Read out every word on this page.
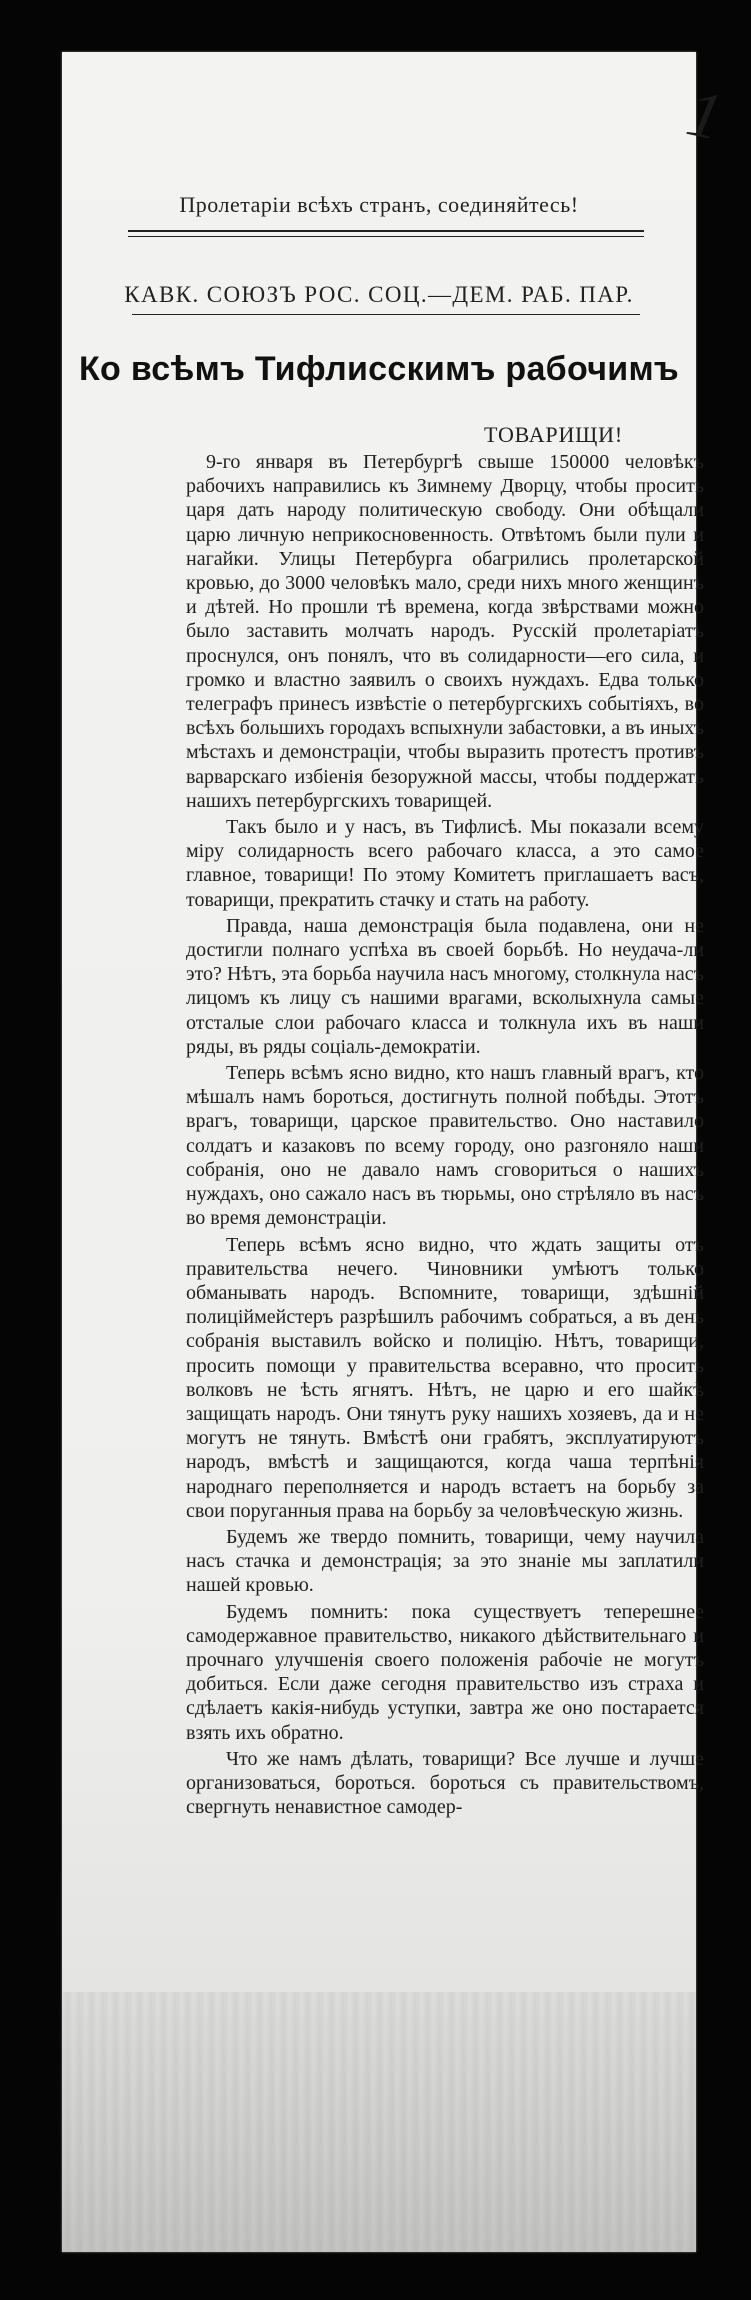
Пролетаріи всѣхъ странъ, соединяйтесь!
КАВК. СОЮЗЪ РОС. СОЦ.—ДЕМ. РАБ. ПАР.
Ко всѣмъ Тифлисскимъ рабочимъ
ТОВАРИЩИ!

9-го января въ Петербургѣ свыше 150000 человѣкъ рабочихъ направились къ Зимнему Дворцу, чтобы просить царя дать народу политическую свободу. Они обѣщали царю личную неприкосновенность. Отвѣтомъ были пули и нагайки. Улицы Петербурга обагрились пролетарской кровью, до 3000 человѣкъ мало, среди нихъ много женщинъ и дѣтей. Но прошли тѣ времена, когда звѣрствами можно было заставить молчать народъ. Русскій пролетаріатъ проснулся, онъ понялъ, что въ солидарности—его сила, и громко и властно заявилъ о своихъ нуждахъ. Едва только телеграфъ принесъ извѣстіе о петербургскихъ событіяхъ, во всѣхъ большихъ городахъ вспыхнули забастовки, а въ иныхъ мѣстахъ и демонстраціи, чтобы выразить протестъ противъ варварскаго избіенія безоружной массы, чтобы поддержать нашихъ петербургскихъ товарищей.

Такъ было и у насъ, въ Тифлисѣ. Мы показали всему міру солидарность всего рабочаго класса, а это самое главное, товарищи! По этому Комитетъ приглашаетъ васъ, товарищи, прекратить стачку и стать на работу.

Правда, наша демонстрація была подавлена, они не достигли полнаго успѣха въ своей борьбѣ. Но неудача-ли это? Нѣтъ, эта борьба научила насъ многому, столкнула насъ лицомъ къ лицу съ нашими врагами, всколыхнула самые отсталые слои рабочаго класса и толкнула ихъ въ наши ряды, въ ряды соціаль-демократіи.

Теперь всѣмъ ясно видно, кто нашъ главный врагъ, кто мѣшалъ намъ бороться, достигнуть полной побѣды. Этотъ врагъ, товарищи, царское правительство. Оно наставило солдатъ и казаковъ по всему городу, оно разгоняло наши собранія, оно не давало намъ сговориться о нашихъ нуждахъ, оно сажало насъ въ тюрьмы, оно стрѣляло въ насъ во время демонстраціи.

Теперь всѣмъ ясно видно, что ждать защиты отъ правительства нечего. Чиновники умѣютъ только обманывать народъ. Вспомните, товарищи, здѣшній полиціймейстеръ разрѣшилъ рабочимъ собраться, а въ день собранія выставилъ войско и полицію. Нѣтъ, товарищи, просить помощи у правительства всеравно, что просить волковъ не ѣсть ягнятъ. Нѣтъ, не царю и его шайкѣ защищать народъ. Они тянутъ руку нашихъ хозяевъ, да и не могутъ не тянуть. Вмѣстѣ они грабятъ, эксплуатируютъ народъ, вмѣстѣ и защищаются, когда чаша терпѣнія народнаго переполняется и народъ встаетъ на борьбу за свои поруганныя права на борьбу за человѣческую жизнь.

Будемъ же твердо помнить, товарищи, чему научила насъ стачка и демонстрація; за это знаніе мы заплатили нашей кровью.

Будемъ помнить: пока существуетъ теперешнее самодержавное правительство, никакого дѣйствительнаго и прочнаго улучшенія своего положенія рабочіе не могутъ добиться. Если даже сегодня правительство изъ страха и сдѣлаетъ какія-нибудь уступки, завтра же оно постарается взять ихъ обратно.

Что же намъ дѣлать, товарищи? Все лучше и лучше организоваться, бороться. бороться съ правительствомъ, свергнуть ненавистное самодер-

1
